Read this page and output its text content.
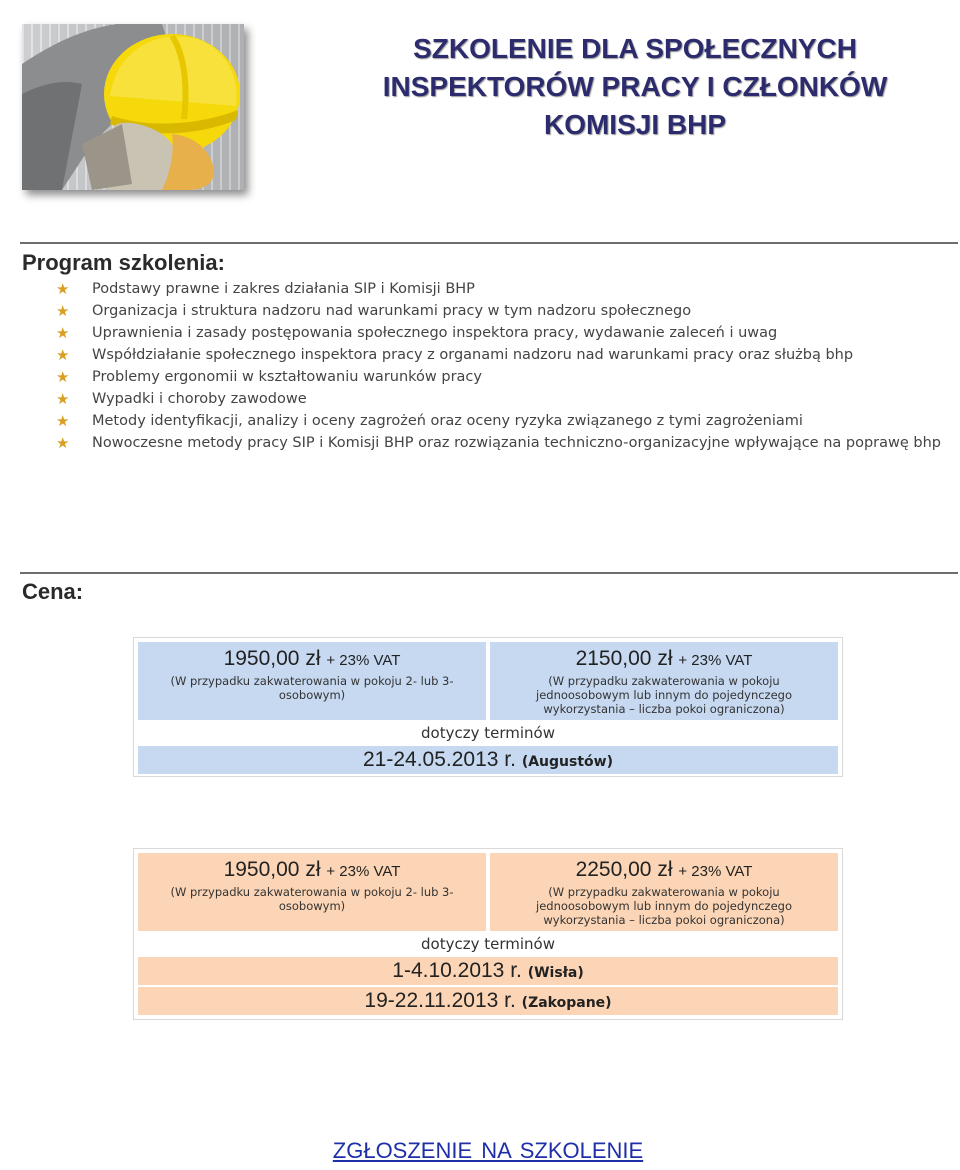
SZKOLENIE DLA SPOŁECZNYCH INSPEKTORÓW PRACY I CZŁONKÓW KOMISJI BHP
Program szkolenia:
★ Podstawy prawne i zakres działania SIP i Komisji BHP
★ Organizacja i struktura nadzoru nad warunkami pracy w tym nadzoru społecznego
★ Uprawnienia i zasady postępowania społecznego inspektora pracy, wydawanie zaleceń i uwag
★ Współdziałanie społecznego inspektora pracy z organami nadzoru nad warunkami pracy oraz służbą bhp
★ Problemy ergonomii w kształtowaniu warunków pracy
★ Wypadki i choroby zawodowe
★ Metody identyfikacji, analizy i oceny zagrożeń oraz oceny ryzyka związanego z tymi zagrożeniami
★ Nowoczesne metody pracy SIP i Komisji BHP oraz rozwiązania techniczno-organizacyjne wpływające na poprawę bhp
Cena:
1950,00 zł + 23% VAT
(W przypadku zakwaterowania w pokoju 2- lub 3-osobowym)
2150,00 zł + 23% VAT
(W przypadku zakwaterowania w pokoju jednoosobowym lub innym do pojedynczego wykorzystania – liczba pokoi ograniczona)
dotyczy terminów
21-24.05.2013 r. (Augustów)
1950,00 zł + 23% VAT
(W przypadku zakwaterowania w pokoju 2- lub 3-osobowym)
2250,00 zł + 23% VAT
(W przypadku zakwaterowania w pokoju jednoosobowym lub innym do pojedynczego wykorzystania – liczba pokoi ograniczona)
dotyczy terminów
1-4.10.2013 r. (Wisła)
19-22.11.2013 r. (Zakopane)
ZGŁOSZENIE NA SZKOLENIE
